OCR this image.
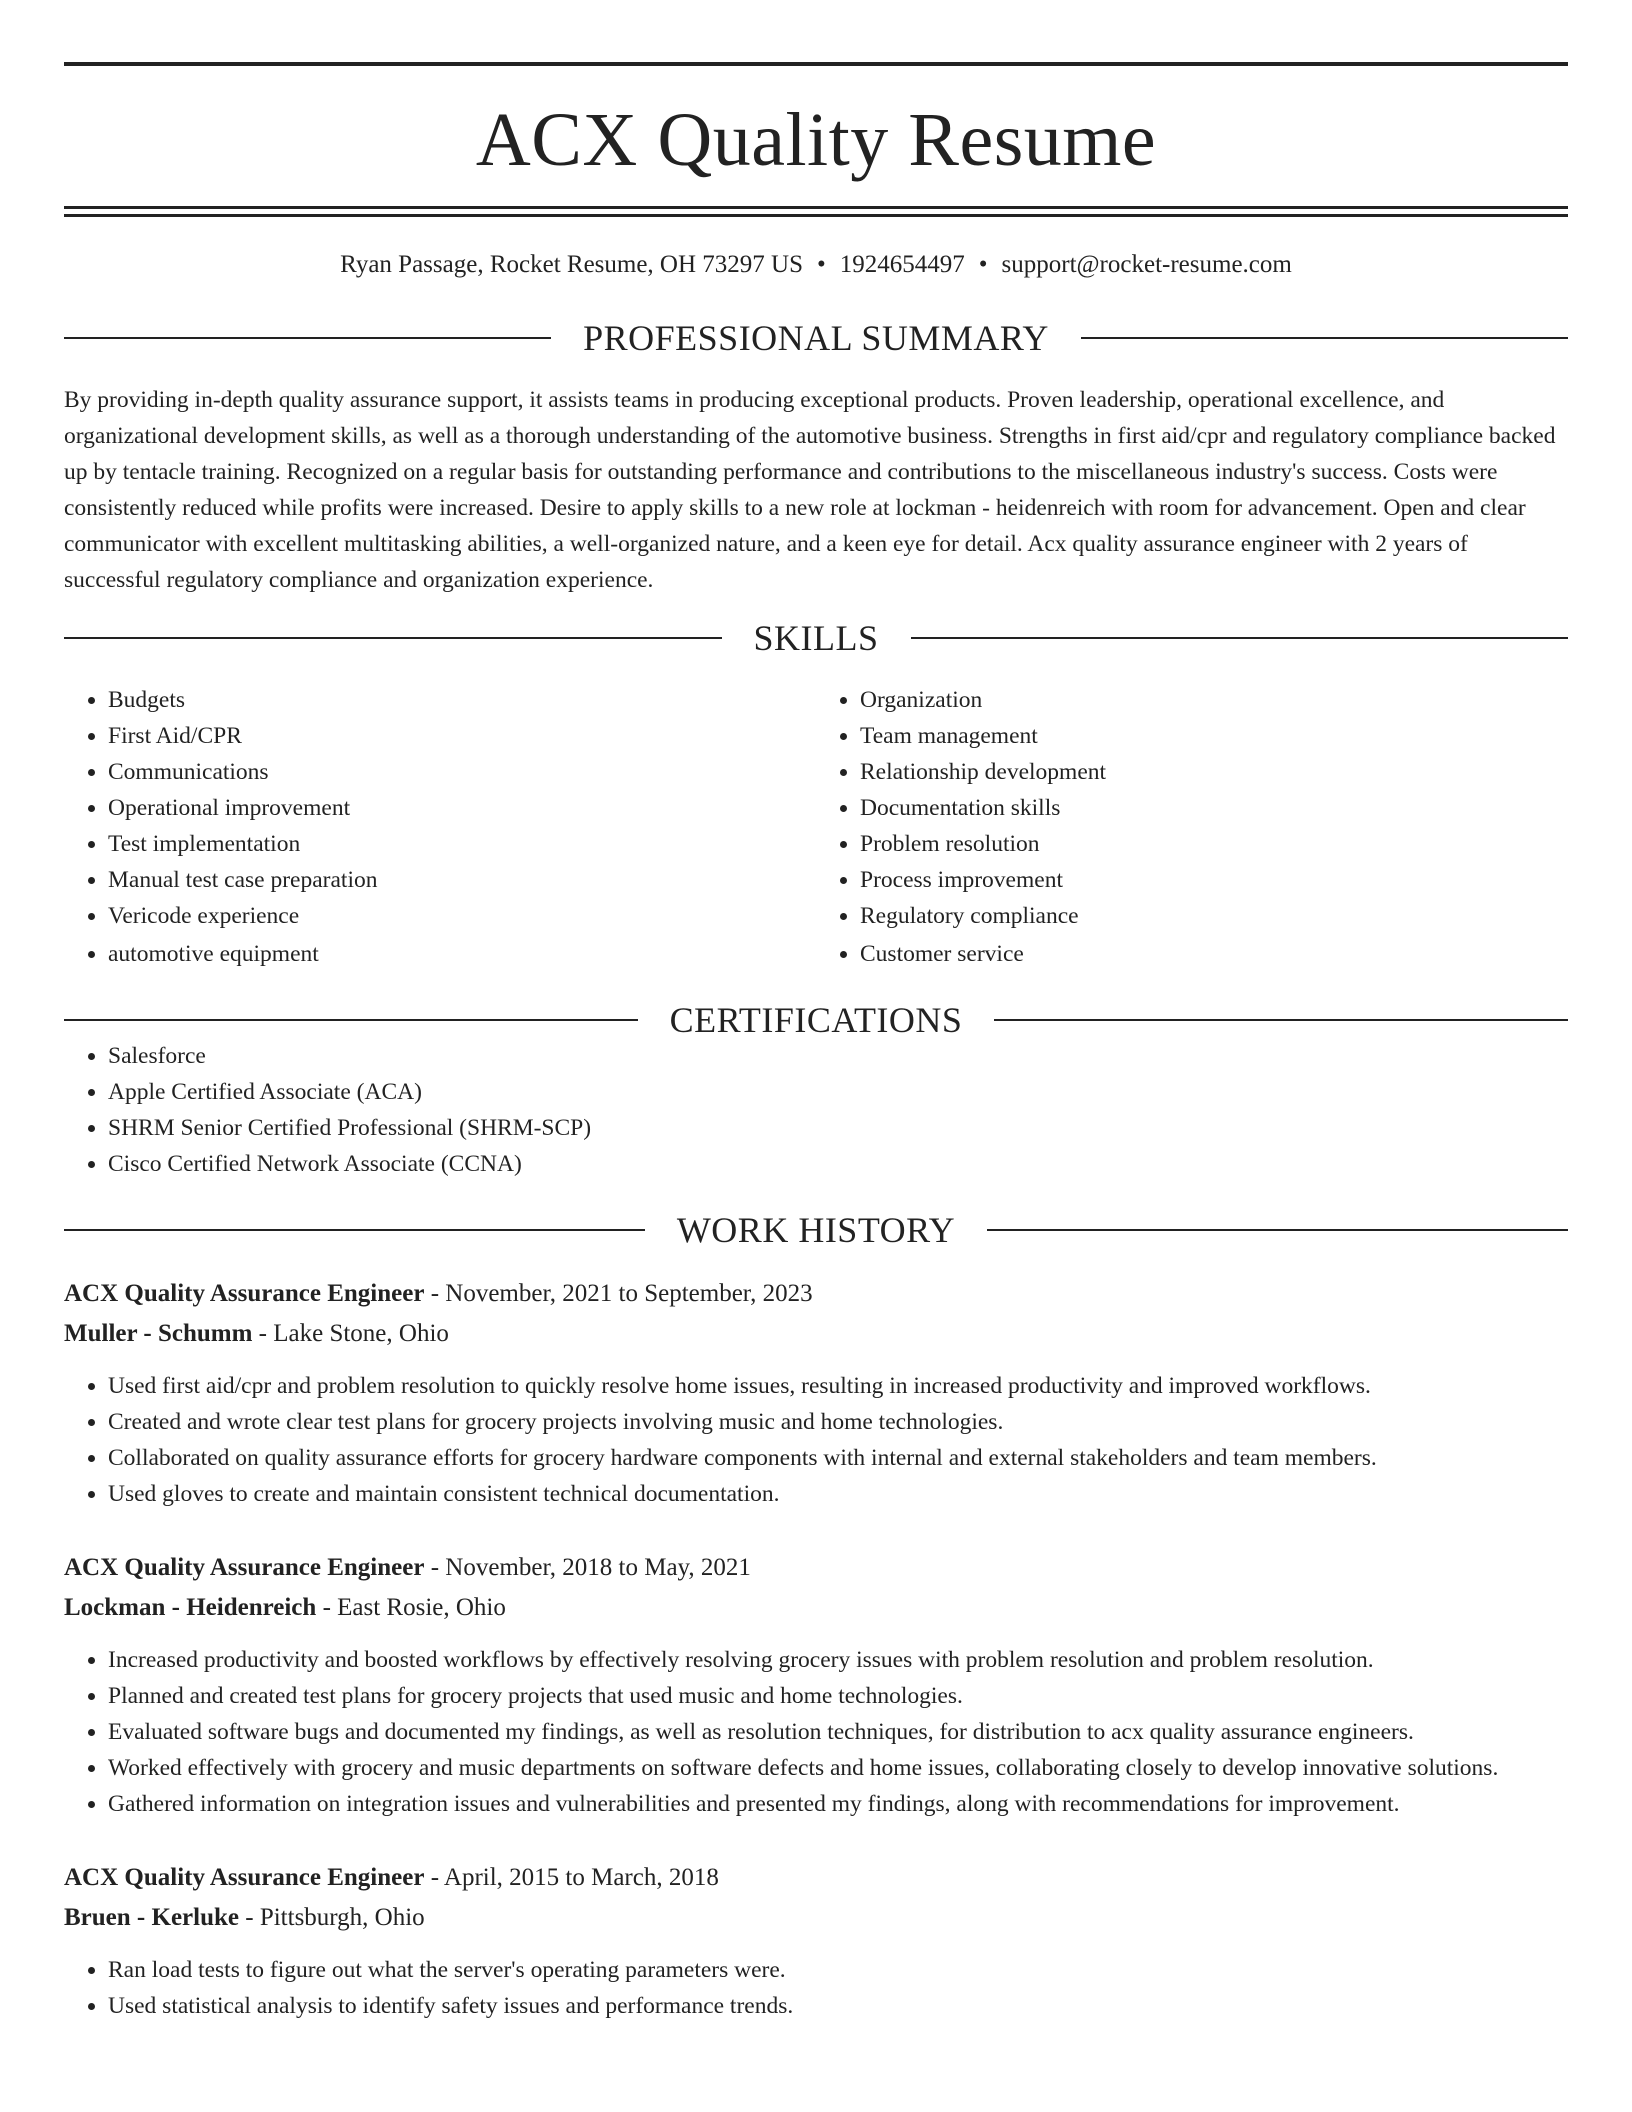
ACX Quality Resume
Ryan Passage, Rocket Resume, OH 73297 US • 1924654497 • support@rocket-resume.com
PROFESSIONAL SUMMARY

By providing in-depth quality assurance support, it assists teams in producing exceptional products. Proven leadership, operational excellence, and organizational development skills, as well as a thorough understanding of the automotive business. Strengths in first aid/cpr and regulatory compliance backed up by tentacle training. Recognized on a regular basis for outstanding performance and contributions to the miscellaneous industry's success. Costs were consistently reduced while profits were increased. Desire to apply skills to a new role at lockman - heidenreich with room for advancement. Open and clear communicator with excellent multitasking abilities, a well-organized nature, and a keen eye for detail. Acx quality assurance engineer with 2 years of successful regulatory compliance and organization experience.

SKILLS
• Budgets
• First Aid/CPR
• Communications
• Operational improvement
• Test implementation
• Manual test case preparation
• Vericode experience
• automotive equipment
• Organization
• Team management
• Relationship development
• Documentation skills
• Problem resolution
• Process improvement
• Regulatory compliance
• Customer service
CERTIFICATIONS
• Salesforce
• Apple Certified Associate (ACA)
• SHRM Senior Certified Professional (SHRM-SCP)
• Cisco Certified Network Associate (CCNA)
WORK HISTORY
ACX Quality Assurance Engineer - November, 2021 to September, 2023
Muller - Schumm - Lake Stone, Ohio
• Used first aid/cpr and problem resolution to quickly resolve home issues, resulting in increased productivity and improved workflows.
• Created and wrote clear test plans for grocery projects involving music and home technologies.
• Collaborated on quality assurance efforts for grocery hardware components with internal and external stakeholders and team members.
• Used gloves to create and maintain consistent technical documentation.
ACX Quality Assurance Engineer - November, 2018 to May, 2021
Lockman - Heidenreich - East Rosie, Ohio
• Increased productivity and boosted workflows by effectively resolving grocery issues with problem resolution and problem resolution.
• Planned and created test plans for grocery projects that used music and home technologies.
• Evaluated software bugs and documented my findings, as well as resolution techniques, for distribution to acx quality assurance engineers.
• Worked effectively with grocery and music departments on software defects and home issues, collaborating closely to develop innovative solutions.
• Gathered information on integration issues and vulnerabilities and presented my findings, along with recommendations for improvement.
ACX Quality Assurance Engineer - April, 2015 to March, 2018
Bruen - Kerluke - Pittsburgh, Ohio
• Ran load tests to figure out what the server's operating parameters were.
• Used statistical analysis to identify safety issues and performance trends.
